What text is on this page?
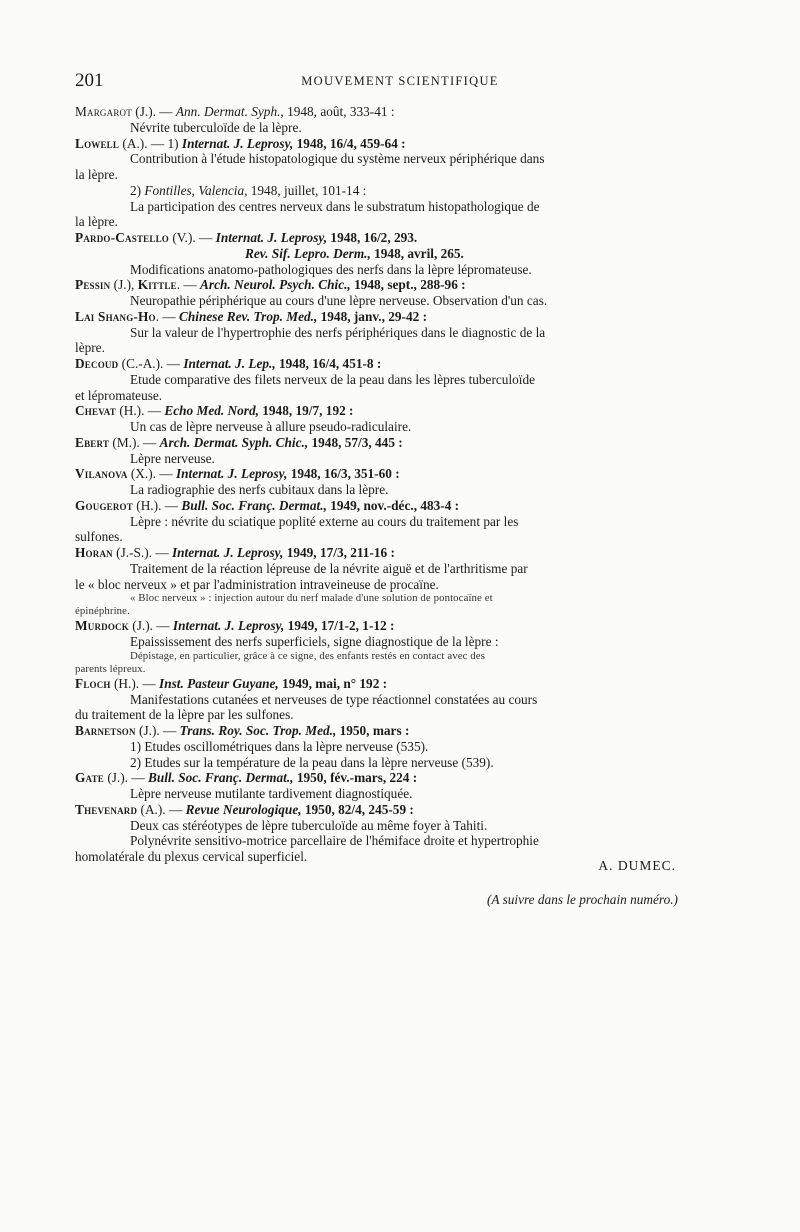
201	MOUVEMENT SCIENTIFIQUE

Margarot (J.). — Ann. Dermat. Syph., 1948, août, 333-41 :

Névrite tuberculoïde de la lèpre.

Lowell (A.). — 1) Internat. J. Leprosy, 1948, 16/4, 459-64 :

Contribution à l'étude histopatologique du système nerveux périphérique dans

la lèpre.

2) Fontilles, Valencia, 1948, juillet, 101-14 :

La participation des centres nerveux dans le substratum histopathologique de

la lèpre.

Pardo-Castello (V.). — Internat. J. Leprosy, 1948, 16/2, 293.

Rev. Sif. Lepro. Derm., 1948, avril, 265.

Modifications anatomo-pathologiques des nerfs dans la lèpre lépromateuse.

Pessin (J.), Kittle. — Arch. Neurol. Psych. Chic., 1948, sept., 288-96 :

Neuropathie périphérique au cours d'une lèpre nerveuse. Observation d'un cas.

Lai Shang-Ho. — Chinese Rev. Trop. Med., 1948, janv., 29-42 :

Sur la valeur de l'hypertrophie des nerfs périphériques dans le diagnostic de la

lèpre.

Decoud (C.-A.). — Internat. J. Lep., 1948, 16/4, 451-8 :

Etude comparative des filets nerveux de la peau dans les lèpres tuberculoïde

et lépromateuse.

Chevat (H.). — Echo Med. Nord, 1948, 19/7, 192 :

Un cas de lèpre nerveuse à allure pseudo-radiculaire.

Ebert (M.). — Arch. Dermat. Syph. Chic., 1948, 57/3, 445 :

Lèpre nerveuse.

Vilanova (X.). — Internat. J. Leprosy, 1948, 16/3, 351-60 :

La radiographie des nerfs cubitaux dans la lèpre.

Gougerot (H.). — Bull. Soc. Franç. Dermat., 1949, nov.-déc., 483-4 :

Lèpre : névrite du sciatique poplité externe au cours du traitement par les

sulfones.

Horan (J.-S.). — Internat. J. Leprosy, 1949, 17/3, 211-16 :

Traitement de la réaction lépreuse de la névrite aiguë et de l'arthritisme par

le « bloc nerveux » et par l'administration intraveineuse de procaïne.

« Bloc nerveux » : injection autour du nerf malade d'une solution de pontocaïne et

épinéphrine.

Murdock (J.). — Internat. J. Leprosy, 1949, 17/1-2, 1-12 :

Epaississement des nerfs superficiels, signe diagnostique de la lèpre :

Dépistage, en particulier, grâce à ce signe, des enfants restés en contact avec des

parents lépreux.

Floch (H.). — Inst. Pasteur Guyane, 1949, mai, n° 192 :

Manifestations cutanées et nerveuses de type réactionnel constatées au cours

du traitement de la lèpre par les sulfones.

Barnetson (J.). — Trans. Roy. Soc. Trop. Med., 1950, mars :

1) Etudes oscillométriques dans la lèpre nerveuse (535).

2) Etudes sur la température de la peau dans la lèpre nerveuse (539).

Gate (J.). — Bull. Soc. Franç. Dermat., 1950, fév.-mars, 224 :

Lèpre nerveuse mutilante tardivement diagnostiquée.

Thevenard (A.). — Revue Neurologique, 1950, 82/4, 245-59 :

Deux cas stéréotypes de lèpre tuberculoïde au même foyer à Tahiti.

Polynévrite sensitivo-motrice parcellaire de l'hémiface droite et hypertrophie

homolatérale du plexus cervical superficiel.

A. DUMEC.
(A suivre dans le prochain numéro.)
